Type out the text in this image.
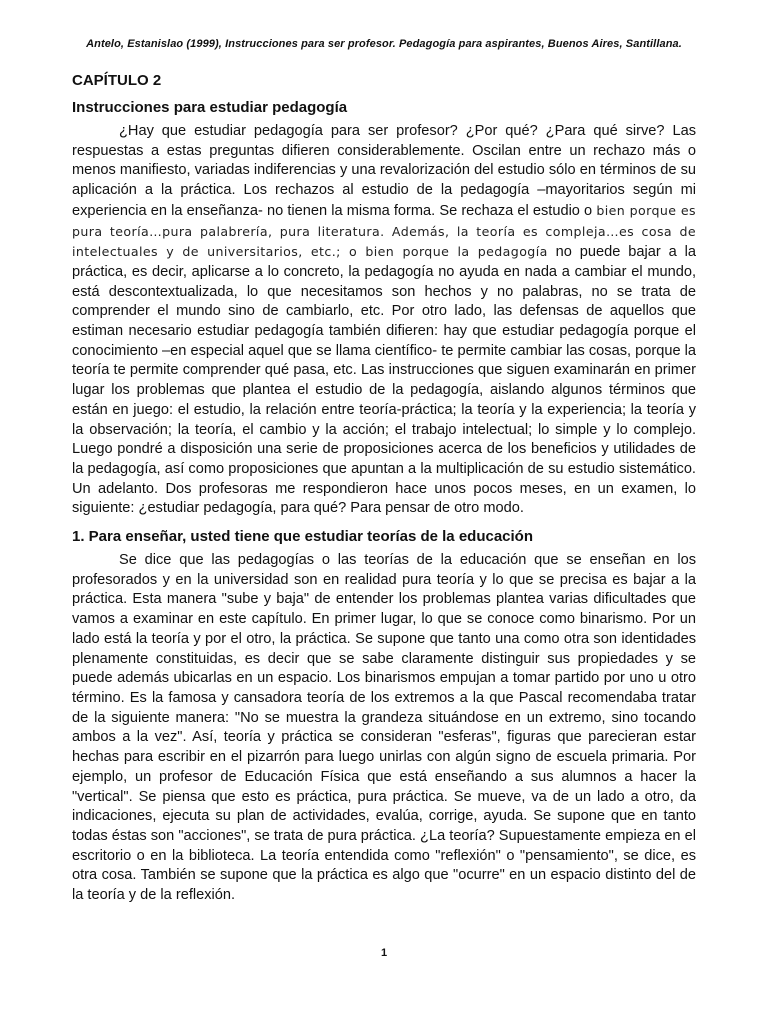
Antelo, Estanislao (1999), Instrucciones para ser profesor. Pedagogía para aspirantes, Buenos Aires, Santillana.
CAPÍTULO 2
Instrucciones para estudiar pedagogía

¿Hay que estudiar pedagogía para ser profesor? ¿Por qué? ¿Para qué sirve? Las respuestas a estas preguntas difieren considerablemente. Oscilan entre un rechazo más o menos manifiesto, variadas indiferencias y una revalorización del estudio sólo en términos de su aplicación a la práctica. Los rechazos al estudio de la pedagogía –mayoritarios según mi experiencia en la enseñanza- no tienen la misma forma. Se rechaza el estudio o bien porque es pura teoría…pura palabrería, pura literatura. Además, la teoría es compleja…es cosa de intelectuales y de universitarios, etc.; o bien porque la pedagogía no puede bajar a la práctica, es decir, aplicarse a lo concreto, la pedagogía no ayuda en nada a cambiar el mundo, está descontextualizada, lo que necesitamos son hechos y no palabras, no se trata de comprender el mundo sino de cambiarlo, etc. Por otro lado, las defensas de aquellos que estiman necesario estudiar pedagogía también difieren: hay que estudiar pedagogía porque el conocimiento –en especial aquel que se llama científico- te permite cambiar las cosas, porque la teoría te permite comprender qué pasa, etc. Las instrucciones que siguen examinarán en primer lugar los problemas que plantea el estudio de la pedagogía, aislando algunos términos que están en juego: el estudio, la relación entre teoría-práctica; la teoría y la experiencia; la teoría y la observación; la teoría, el cambio y la acción; el trabajo intelectual; lo simple y lo complejo. Luego pondré a disposición una serie de proposiciones acerca de los beneficios y utilidades de la pedagogía, así como proposiciones que apuntan a la multiplicación de su estudio sistemático. Un adelanto. Dos profesoras me respondieron hace unos pocos meses, en un examen, lo siguiente: ¿estudiar pedagogía, para qué? Para pensar de otro modo.

1. Para enseñar, usted tiene que estudiar teorías de la educación

Se dice que las pedagogías o las teorías de la educación que se enseñan en los profesorados y en la universidad son en realidad pura teoría y lo que se precisa es bajar a la práctica. Esta manera "sube y baja" de entender los problemas plantea varias dificultades que vamos a examinar en este capítulo. En primer lugar, lo que se conoce como binarismo. Por un lado está la teoría y por el otro, la práctica. Se supone que tanto una como otra son identidades plenamente constituidas, es decir que se sabe claramente distinguir sus propiedades y se puede además ubicarlas en un espacio. Los binarismos empujan a tomar partido por uno u otro término. Es la famosa y cansadora teoría de los extremos a la que Pascal recomendaba tratar de la siguiente manera: "No se muestra la grandeza situándose en un extremo, sino tocando ambos a la vez". Así, teoría y práctica se consideran "esferas", figuras que parecieran estar hechas para escribir en el pizarrón para luego unirlas con algún signo de escuela primaria. Por ejemplo, un profesor de Educación Física que está enseñando a sus alumnos a hacer la "vertical". Se piensa que esto es práctica, pura práctica. Se mueve, va de un lado a otro, da indicaciones, ejecuta su plan de actividades, evalúa, corrige, ayuda. Se supone que en tanto todas éstas son "acciones", se trata de pura práctica. ¿La teoría? Supuestamente empieza en el escritorio o en la biblioteca. La teoría entendida como "reflexión" o "pensamiento", se dice, es otra cosa. También se supone que la práctica es algo que "ocurre" en un espacio distinto del de la teoría y de la reflexión.

1
